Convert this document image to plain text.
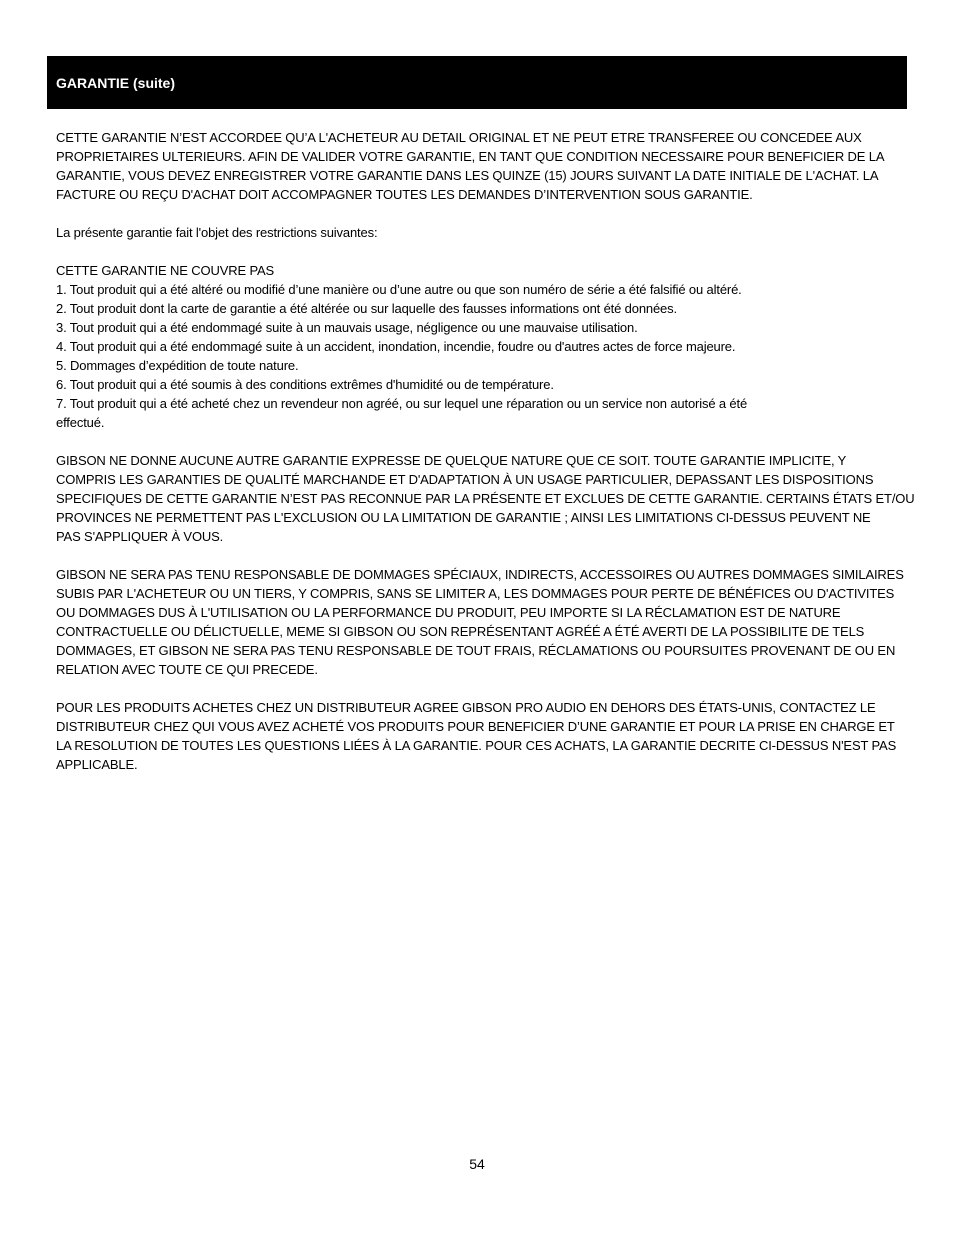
GARANTIE (suite)
CETTE GARANTIE N’EST ACCORDEE QU’A L'ACHETEUR AU DETAIL ORIGINAL ET NE PEUT ETRE TRANSFEREE OU CONCEDEE AUX
PROPRIETAIRES ULTERIEURS. AFIN DE VALIDER VOTRE GARANTIE, EN TANT QUE CONDITION NECESSAIRE POUR BENEFICIER DE LA
GARANTIE, VOUS DEVEZ ENREGISTRER VOTRE GARANTIE DANS LES QUINZE (15) JOURS SUIVANT LA DATE INITIALE DE L'ACHAT. LA
FACTURE OU REÇU D'ACHAT DOIT ACCOMPAGNER TOUTES LES DEMANDES D’INTERVENTION SOUS GARANTIE.
La présente garantie fait l'objet des restrictions suivantes:
CETTE GARANTIE NE COUVRE PAS
1. Tout produit qui a été altéré ou modifié d’une manière ou d’une autre ou que son numéro de série a été falsifié ou altéré.
2. Tout produit dont la carte de garantie a été altérée ou sur laquelle des fausses informations ont été données.
3. Tout produit qui a été endommagé suite à un mauvais usage, négligence ou une mauvaise utilisation.
4. Tout produit qui a été endommagé suite à un accident, inondation, incendie, foudre ou d'autres actes de force majeure.
5. Dommages d’expédition de toute nature.
6. Tout produit qui a été soumis à des conditions extrêmes d'humidité ou de température.
7. Tout produit qui a été acheté chez un revendeur non agréé, ou sur lequel une réparation ou un service non autorisé a été
effectué.
GIBSON NE DONNE AUCUNE AUTRE GARANTIE EXPRESSE DE QUELQUE NATURE QUE CE SOIT. TOUTE GARANTIE IMPLICITE, Y
COMPRIS LES GARANTIES DE QUALITÉ MARCHANDE ET D'ADAPTATION À UN USAGE PARTICULIER, DEPASSANT LES DISPOSITIONS
SPECIFIQUES DE CETTE GARANTIE N’EST PAS RECONNUE PAR LA PRÉSENTE ET EXCLUES DE CETTE GARANTIE. CERTAINS ÉTATS ET/OU
PROVINCES NE PERMETTENT PAS L'EXCLUSION OU LA LIMITATION DE GARANTIE ; AINSI LES LIMITATIONS CI-DESSUS PEUVENT NE
PAS S'APPLIQUER À VOUS.
GIBSON NE SERA PAS TENU RESPONSABLE DE DOMMAGES SPÉCIAUX, INDIRECTS, ACCESSOIRES OU AUTRES DOMMAGES SIMILAIRES
SUBIS PAR L'ACHETEUR OU UN TIERS, Y COMPRIS, SANS SE LIMITER A, LES DOMMAGES POUR PERTE DE BÉNÉFICES OU D'ACTIVITES
OU DOMMAGES DUS À L'UTILISATION OU LA PERFORMANCE DU PRODUIT, PEU IMPORTE SI LA RÉCLAMATION EST DE NATURE
CONTRACTUELLE OU DÉLICTUELLE, MEME SI GIBSON OU SON REPRÉSENTANT AGRÉÉ A ÉTÉ AVERTI DE LA POSSIBILITE DE TELS
DOMMAGES, ET GIBSON NE SERA PAS TENU RESPONSABLE DE TOUT FRAIS, RÉCLAMATIONS OU POURSUITES PROVENANT DE OU EN
RELATION AVEC TOUTE CE QUI PRECEDE.
POUR LES PRODUITS ACHETES CHEZ UN DISTRIBUTEUR AGREE GIBSON PRO AUDIO EN DEHORS DES ÉTATS-UNIS, CONTACTEZ LE
DISTRIBUTEUR CHEZ QUI VOUS AVEZ ACHETÉ VOS PRODUITS POUR BENEFICIER D’UNE GARANTIE ET POUR LA PRISE EN CHARGE ET
LA RESOLUTION DE TOUTES LES QUESTIONS LIÉES À LA GARANTIE. POUR CES ACHATS, LA GARANTIE DECRITE CI-DESSUS N'EST PAS
APPLICABLE.
54
